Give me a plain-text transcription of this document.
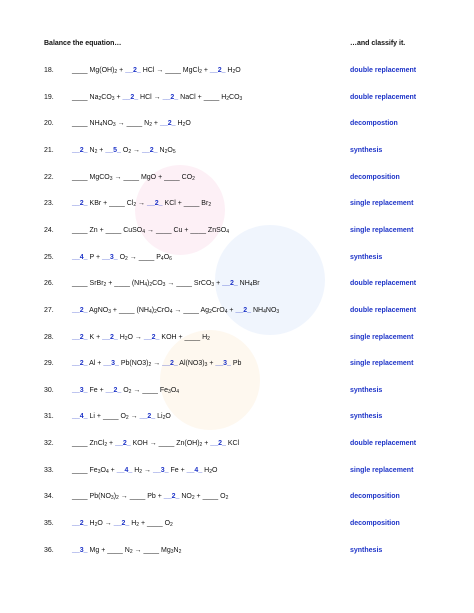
Balance the equation…	…and classify it.
18.	____ $Mg(OH)_2$ + __2_ HCl → ____ MgCl$_2$ + __2_ $H_2O$	double replacement
19.	____ $Na_2CO_3$ + __2_ HCl → __2_ NaCl + ____ $H_2CO_3$	double replacement
20.	____ $NH_4NO_3$ → ____ $N_2$ + __2_ $H_2O$	decompostion
21.	__2_ $N_2$ + __5_ $O_2$ → __2_ $N_2O_5$	synthesis
22.	____ MgCO$_3$ → ____ MgO + ____ $CO_2$	decomposition
23.	__2_ KBr + ____ $Cl_2$ → __2_ KCl + ____ $Br_2$	single replacement
24.	____ Zn + ____ CuSO$_4$ → ____ Cu + ____ ZnSO$_4$	single replacement
25.	__4_ P + __3_ $O_2$ → ____ $P_4O_6$	synthesis
26.	____ SrBr$_2$ + ____ $(NH_4)_2CO_3$ → ____ SrCO$_3$ + __2_ $NH_4Br$	double replacement
27.	__2_ AgNO$_3$ + ____ $(NH_4)_2CrO_4$ → ____ $Ag_2CrO_4$ + __2_ $NH_4NO_3$	double replacement
28.	__2_ K + __2_ $H_2O$ → __2_ KOH + ____ $H_2$	single replacement
29.	__2_ Al + __3_ $Pb(NO3)_2$ → __2_ $Al(NO3)_3$ + __3_ Pb	single replacement
30.	__3_ Fe + __2_ $O_2$ → ____ $Fe_3O_4$	synthesis
31.	__4_ Li + ____ $O_2$ → __2_ $Li_2O$	synthesis
32.	____ ZnCl$_2$ + __2_ KOH → ____ $Zn(OH)_2$ + __2_ KCl	double replacement
33.	____ $Fe_3O_4$ + __4_ $H_2$ → __3_ Fe + __4_ $H_2O$	single replacement
34.	____ $Pb(NO_3)_2$ → ____ Pb + __2_ $NO_2$ + ____ $O_2$	decomposition
35.	__2_ $H_2O$ → __2_ $H_2$ + ____ $O_2$	decomposition
36.	__3_ Mg + ____ $N_2$ → ____ $Mg_3N_2$	synthesis
